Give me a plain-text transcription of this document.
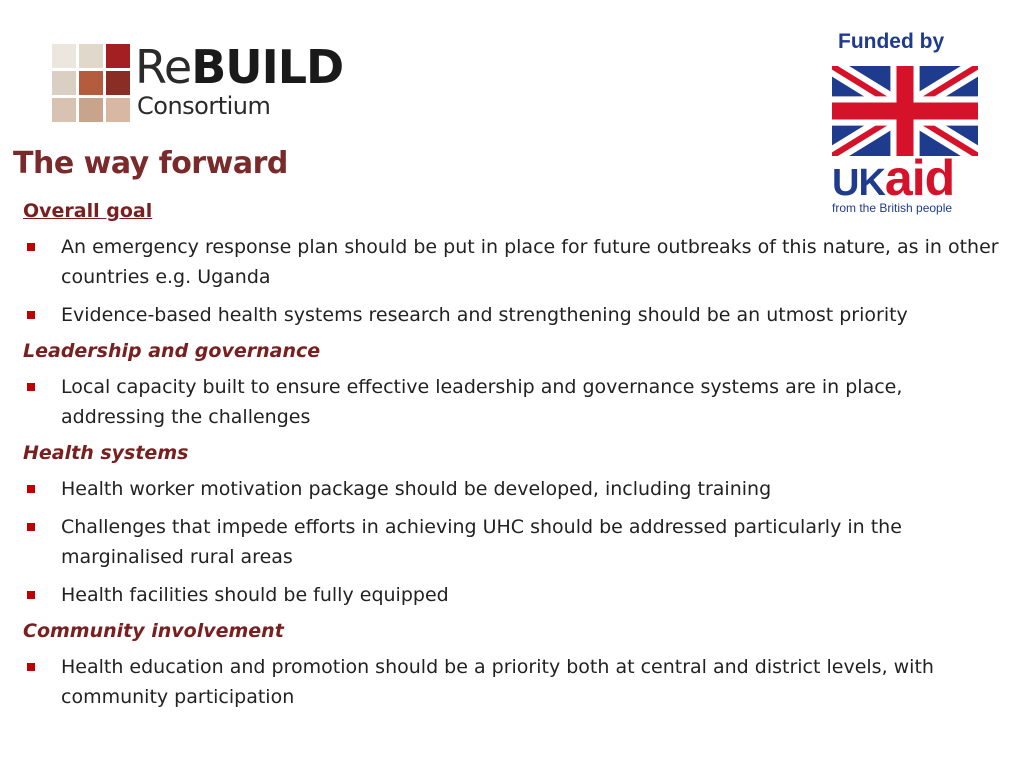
ReBUILD
Consortium
Funded by
UKaid
from the British people
The way forward
Overall goal
An emergency response plan should be put in place for future outbreaks of this nature, as in other countries e.g. Uganda
Evidence-based health systems research and strengthening should be an utmost priority
Leadership and governance
Local capacity built to ensure effective leadership and governance systems are in place, addressing the challenges
Health systems
Health worker motivation package should be developed, including training
Challenges that impede efforts in achieving UHC should be addressed particularly in the marginalised rural areas
Health facilities should be fully equipped
Community involvement
Health education and promotion should be a priority both at central and district levels, with community participation
